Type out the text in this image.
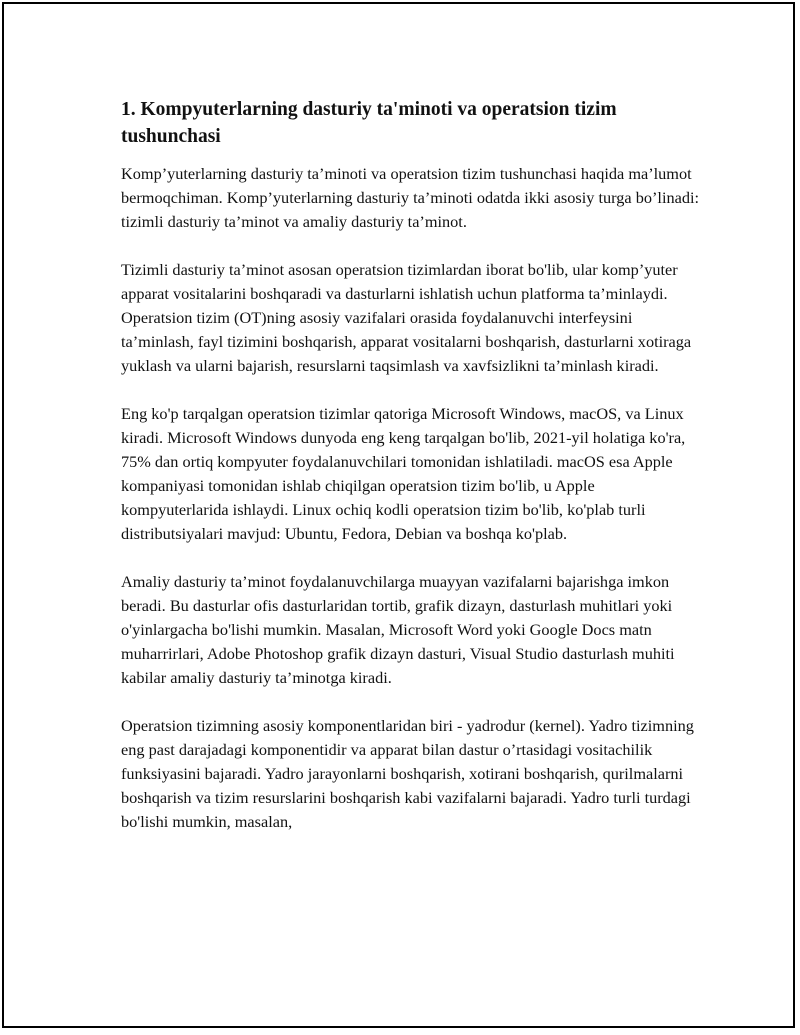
1. Kompyuterlarning dasturiy ta'minoti va operatsion tizim tushunchasi

Komp’yuterlarning dasturiy ta’minoti va operatsion tizim tushunchasi haqida ma’lumot bermoqchiman. Komp’yuterlarning dasturiy ta’minoti odatda ikki asosiy turga bo’linadi: tizimli dasturiy ta’minot va amaliy dasturiy ta’minot.

Tizimli dasturiy ta’minot asosan operatsion tizimlardan iborat bo'lib, ular komp’yuter apparat vositalarini boshqaradi va dasturlarni ishlatish uchun platforma ta’minlaydi. Operatsion tizim (OT)ning asosiy vazifalari orasida foydalanuvchi interfeysini ta’minlash, fayl tizimini boshqarish, apparat vositalarni boshqarish, dasturlarni xotiraga yuklash va ularni bajarish, resurslarni taqsimlash va xavfsizlikni ta’minlash kiradi.

Eng ko'p tarqalgan operatsion tizimlar qatoriga Microsoft Windows, macOS, va Linux kiradi. Microsoft Windows dunyoda eng keng tarqalgan bo'lib, 2021-yil holatiga ko'ra, 75% dan ortiq kompyuter foydalanuvchilari tomonidan ishlatiladi. macOS esa Apple kompaniyasi tomonidan ishlab chiqilgan operatsion tizim bo'lib, u Apple kompyuterlarida ishlaydi. Linux ochiq kodli operatsion tizim bo'lib, ko'plab turli distributsiyalari mavjud: Ubuntu, Fedora, Debian va boshqa ko'plab.

Amaliy dasturiy ta’minot foydalanuvchilarga muayyan vazifalarni bajarishga imkon beradi. Bu dasturlar ofis dasturlaridan tortib, grafik dizayn, dasturlash muhitlari yoki o'yinlargacha bo'lishi mumkin. Masalan, Microsoft Word yoki Google Docs matn muharrirlari, Adobe Photoshop grafik dizayn dasturi, Visual Studio dasturlash muhiti kabilar amaliy dasturiy ta’minotga kiradi.

Operatsion tizimning asosiy komponentlaridan biri - yadrodur (kernel). Yadro tizimning eng past darajadagi komponentidir va apparat bilan dastur o’rtasidagi vositachilik funksiyasini bajaradi. Yadro jarayonlarni boshqarish, xotirani boshqarish, qurilmalarni boshqarish va tizim resurslarini boshqarish kabi vazifalarni bajaradi. Yadro turli turdagi bo'lishi mumkin, masalan,
